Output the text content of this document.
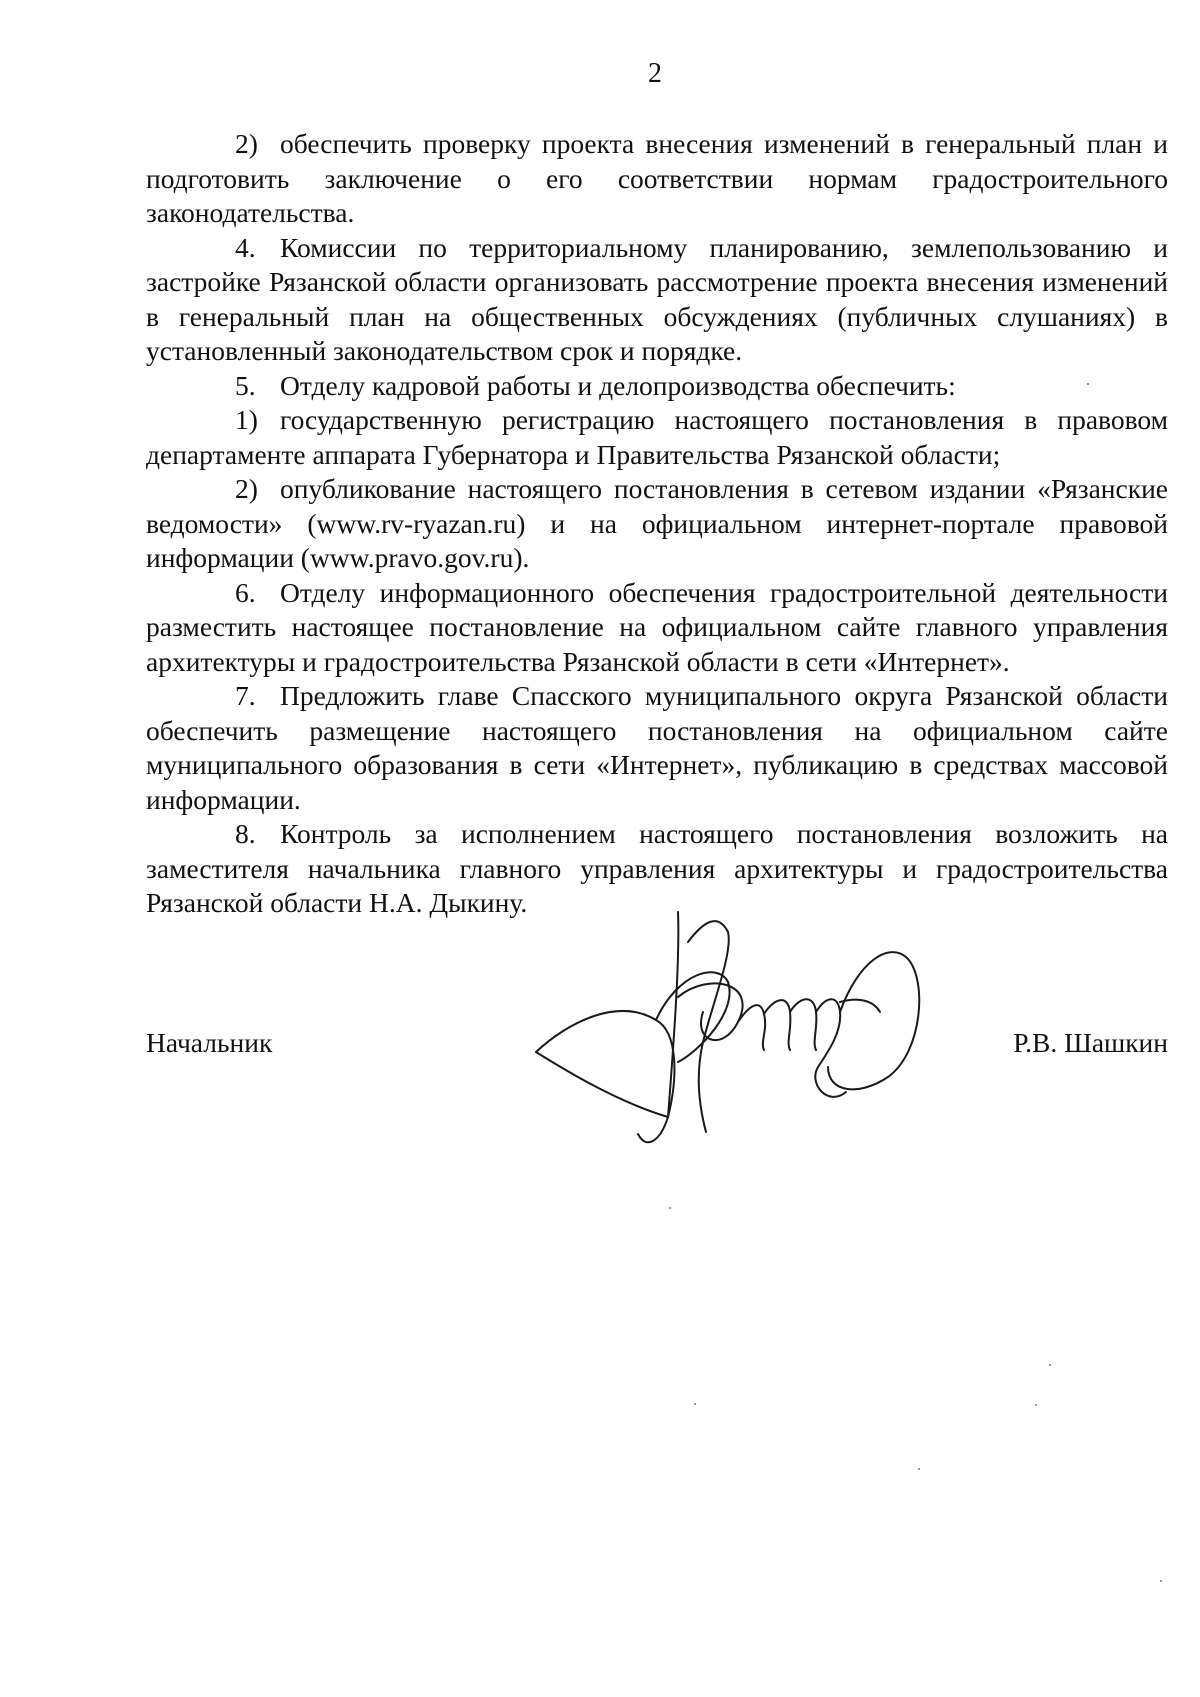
2

2) обеспечить проверку проекта внесения изменений в генеральный план и подготовить заключение о его соответствии нормам градостроительного законодательства.

4. Комиссии по территориальному планированию, землепользованию и застройке Рязанской области организовать рассмотрение проекта внесения изменений в генеральный план на общественных обсуждениях (публичных слушаниях) в установленный законодательством срок и порядке.

5. Отделу кадровой работы и делопроизводства обеспечить:

1) государственную регистрацию настоящего постановления в правовом департаменте аппарата Губернатора и Правительства Рязанской области;

2) опубликование настоящего постановления в сетевом издании «Рязанские ведомости» (www.rv-ryazan.ru) и на официальном интернет-портале правовой информации (www.pravo.gov.ru).

6. Отделу информационного обеспечения градостроительной деятельности разместить настоящее постановление на официальном сайте главного управления архитектуры и градостроительства Рязанской области в сети «Интернет».

7. Предложить главе Спасского муниципального округа Рязанской области обеспечить размещение настоящего постановления на официальном сайте муниципального образования в сети «Интернет», публикацию в средствах массовой информации.

8. Контроль за исполнением настоящего постановления возложить на заместителя начальника главного управления архитектуры и градостроительства Рязанской области Н.А. Дыкину.

Начальник	Р.В. Шашкин
